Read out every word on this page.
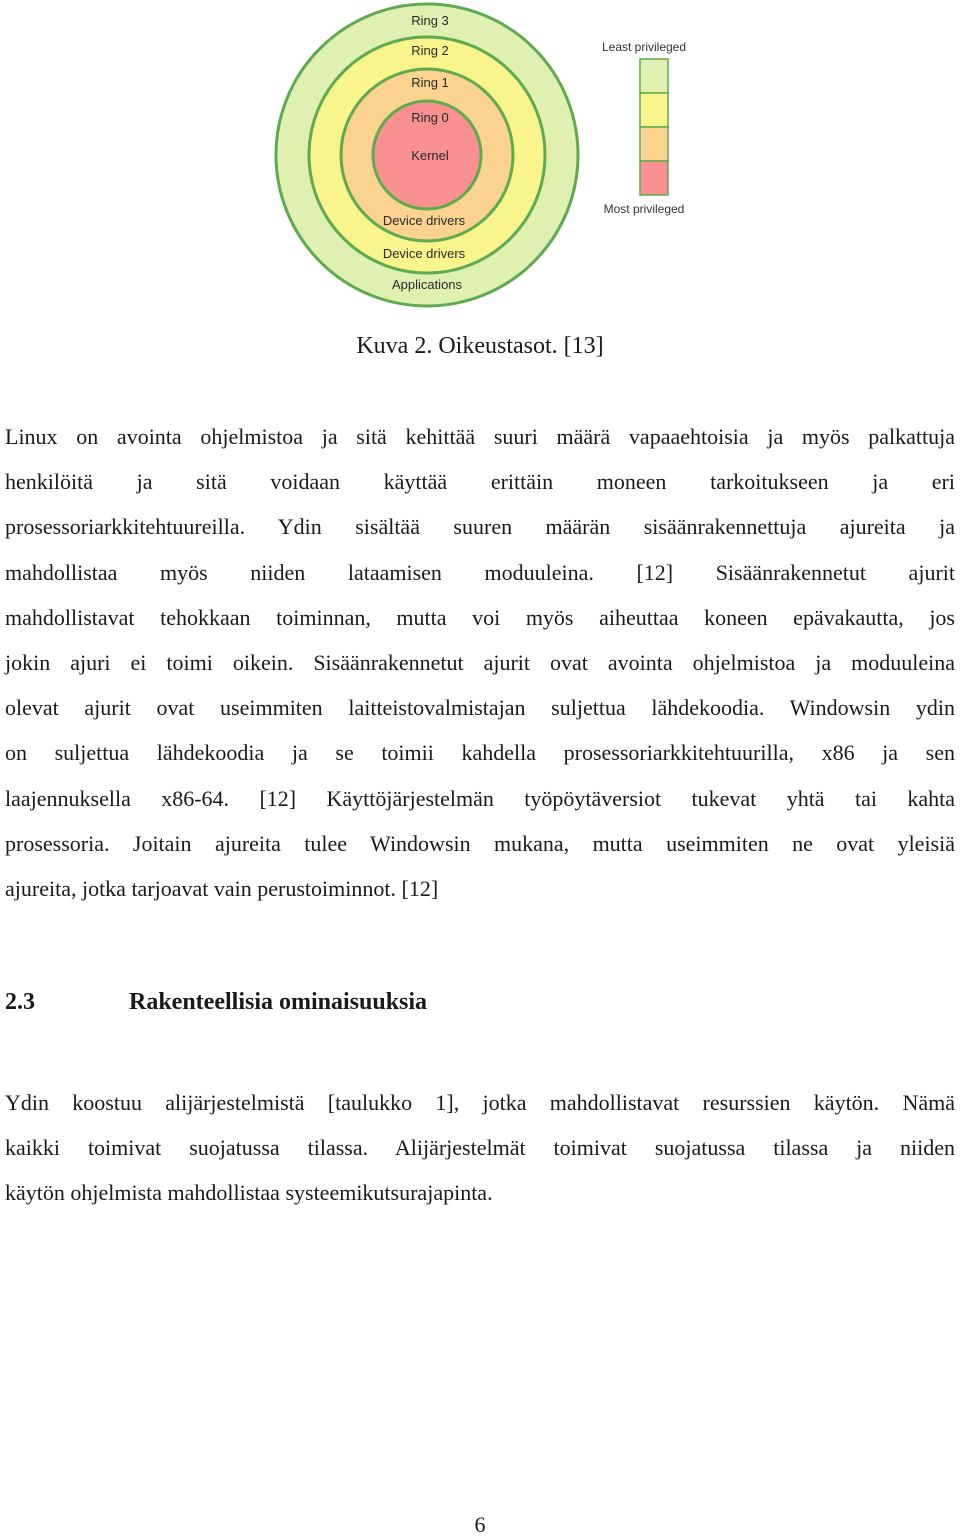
Ring 3
Ring 2
Ring 1
Ring 0
Kernel
Device drivers
Device drivers
Applications
Least privileged
Most privileged
Kuva 2. Oikeustasot. [13]

Linux on avointa ohjelmistoa ja sitä kehittää suuri määrä vapaaehtoisia ja myös palkattuja
henkilöitä ja sitä voidaan käyttää erittäin moneen tarkoitukseen ja eri
prosessoriarkkitehtuureilla. Ydin sisältää suuren määrän sisäänrakennettuja ajureita ja
mahdollistaa myös niiden lataamisen moduuleina. [12] Sisäänrakennetut ajurit
mahdollistavat tehokkaan toiminnan, mutta voi myös aiheuttaa koneen epävakautta, jos
jokin ajuri ei toimi oikein. Sisäänrakennetut ajurit ovat avointa ohjelmistoa ja moduuleina
olevat ajurit ovat useimmiten laitteistovalmistajan suljettua lähdekoodia. Windowsin ydin
on suljettua lähdekoodia ja se toimii kahdella prosessoriarkkitehtuurilla, x86 ja sen
laajennuksella x86-64. [12] Käyttöjärjestelmän työpöytäversiot tukevat yhtä tai kahta
prosessoria. Joitain ajureita tulee Windowsin mukana, mutta useimmiten ne ovat yleisiä
ajureita, jotka tarjoavat vain perustoiminnot. [12]

2.3	Rakenteellisia ominaisuuksia

Ydin koostuu alijärjestelmistä [taulukko 1], jotka mahdollistavat resurssien käytön. Nämä
kaikki toimivat suojatussa tilassa. Alijärjestelmät toimivat suojatussa tilassa ja niiden
käytön ohjelmista mahdollistaa systeemikutsurajapinta.

6
